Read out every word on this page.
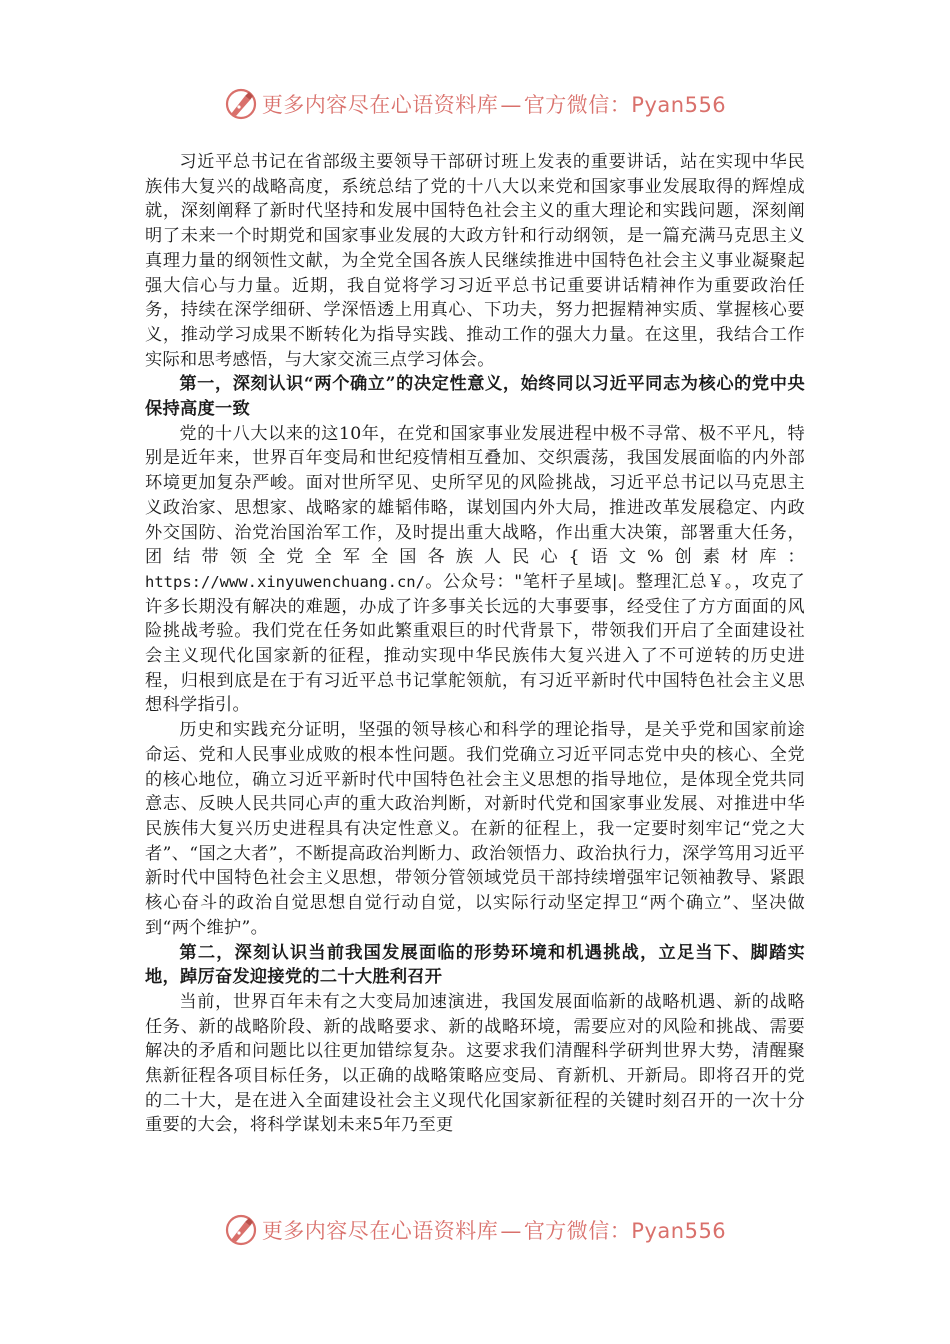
更多内容尽在心语资料库—官方微信：Pyan556

习近平总书记在省部级主要领导干部研讨班上发表的重要讲话，站在实现中华民族伟大复兴的战略高度，系统总结了党的十八大以来党和国家事业发展取得的辉煌成就，深刻阐释了新时代坚持和发展中国特色社会主义的重大理论和实践问题，深刻阐明了未来一个时期党和国家事业发展的大政方针和行动纲领，是一篇充满马克思主义真理力量的纲领性文献，为全党全国各族人民继续推进中国特色社会主义事业凝聚起强大信心与力量。近期，我自觉将学习习近平总书记重要讲话精神作为重要政治任务，持续在深学细研、学深悟透上用真心、下功夫，努力把握精神实质、掌握核心要义，推动学习成果不断转化为指导实践、推动工作的强大力量。在这里，我结合工作实际和思考感悟，与大家交流三点学习体会。

第一，深刻认识“两个确立”的决定性意义，始终同以习近平同志为核心的党中央保持高度一致

党的十八大以来的这10年，在党和国家事业发展进程中极不寻常、极不平凡，特别是近年来，世界百年变局和世纪疫情相互叠加、交织震荡，我国发展面临的内外部环境更加复杂严峻。面对世所罕见、史所罕见的风险挑战，习近平总书记以马克思主义政治家、思想家、战略家的雄韬伟略，谋划国内外大局，推进改革发展稳定、内政外交国防、治党治国治军工作，及时提出重大战略，作出重大决策，部署重大任务，团结带领全党全军全国各族人民心{语文%创素材库：https://www.xinyuwenchuang.cn/。公众号："笔杆子星域|。整理汇总￥。，攻克了许多长期没有解决的难题，办成了许多事关长远的大事要事，经受住了方方面面的风险挑战考验。我们党在任务如此繁重艰巨的时代背景下，带领我们开启了全面建设社会主义现代化国家新的征程，推动实现中华民族伟大复兴进入了不可逆转的历史进程，归根到底是在于有习近平总书记掌舵领航，有习近平新时代中国特色社会主义思想科学指引。

历史和实践充分证明，坚强的领导核心和科学的理论指导，是关乎党和国家前途命运、党和人民事业成败的根本性问题。我们党确立习近平同志党中央的核心、全党的核心地位，确立习近平新时代中国特色社会主义思想的指导地位，是体现全党共同意志、反映人民共同心声的重大政治判断，对新时代党和国家事业发展、对推进中华民族伟大复兴历史进程具有决定性意义。在新的征程上，我一定要时刻牢记“党之大者”、“国之大者”，不断提高政治判断力、政治领悟力、政治执行力，深学笃用习近平新时代中国特色社会主义思想，带领分管领域党员干部持续增强牢记领袖教导、紧跟核心奋斗的政治自觉思想自觉行动自觉，以实际行动坚定捍卫“两个确立”、坚决做到“两个维护”。

第二，深刻认识当前我国发展面临的形势环境和机遇挑战，立足当下、脚踏实地，踔厉奋发迎接党的二十大胜利召开

当前，世界百年未有之大变局加速演进，我国发展面临新的战略机遇、新的战略任务、新的战略阶段、新的战略要求、新的战略环境，需要应对的风险和挑战、需要解决的矛盾和问题比以往更加错综复杂。这要求我们清醒科学研判世界大势，清醒聚焦新征程各项目标任务，以正确的战略策略应变局、育新机、开新局。即将召开的党的二十大，是在进入全面建设社会主义现代化国家新征程的关键时刻召开的一次十分重要的大会，将科学谋划未来5年乃至更

更多内容尽在心语资料库—官方微信：Pyan556
